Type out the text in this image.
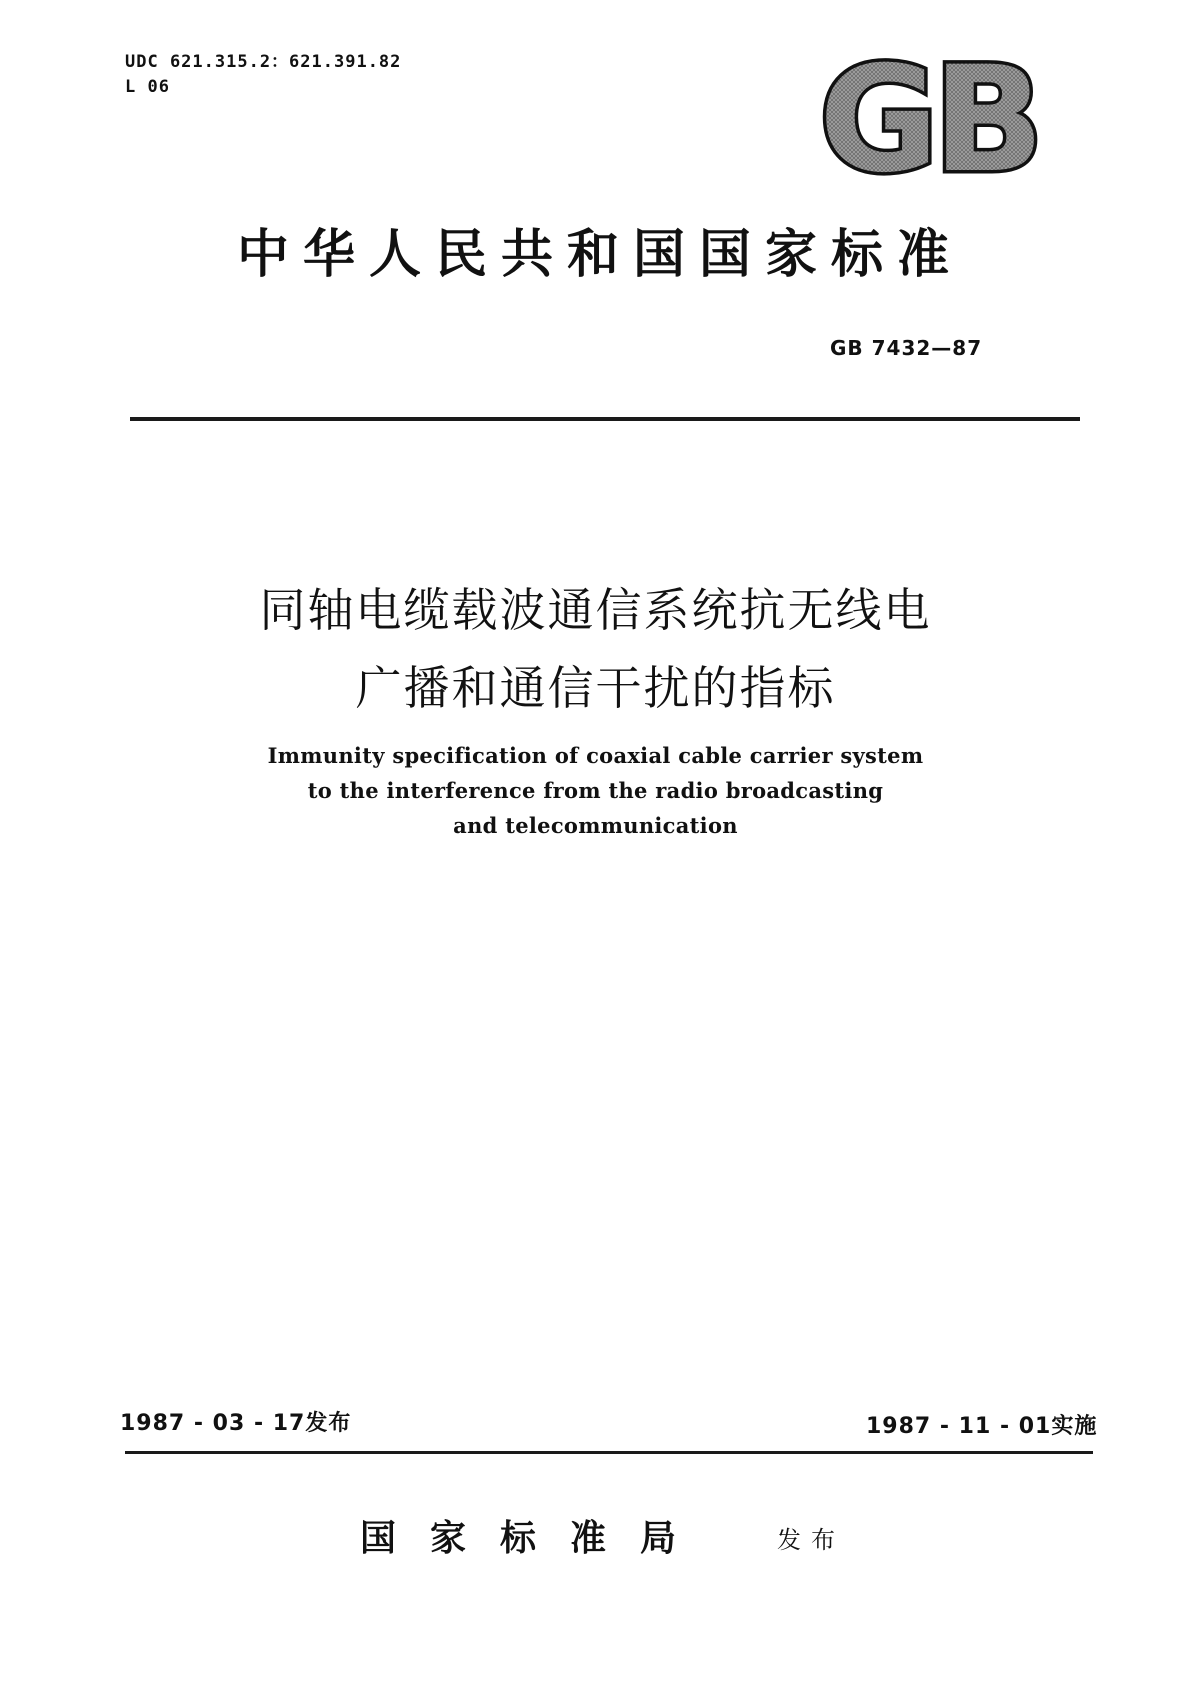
UDC 621.315.2：621.391.82
L 06	GB
中华人民共和国国家标准
GB 7432—87
同轴电缆载波通信系统抗无线电
广播和通信干扰的指标
Immunity specification of coaxial cable carrier system
to the interference from the radio broadcasting
and telecommunication
1987 - 03 - 17发布	1987 - 11 - 01实施
国家标准局	发布
